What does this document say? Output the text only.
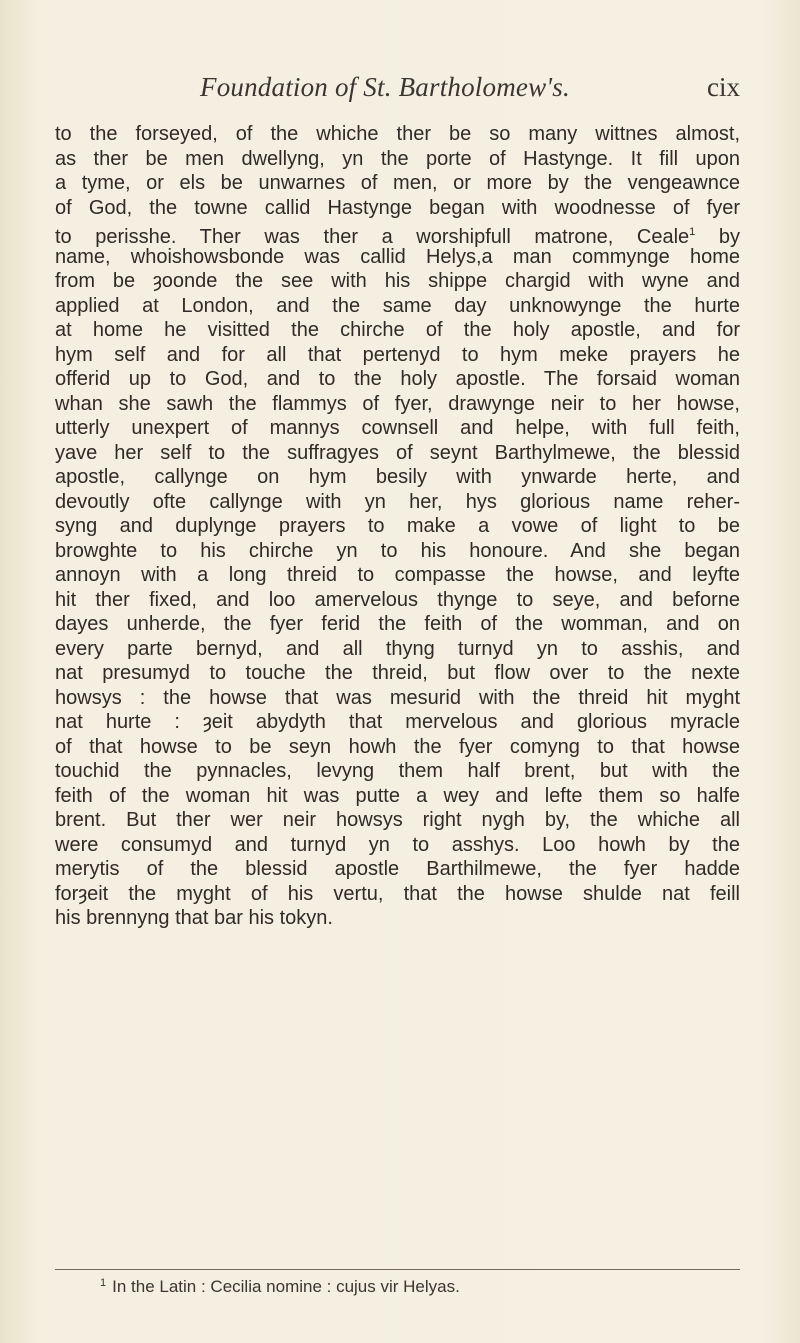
Foundation of St. Bartholomew's.	cix
to the forseyed, of the whiche ther be so many wittnes almost,
as ther be men dwellyng, yn the porte of Hastynge. It fill upon
a tyme, or els be unwarnes of men, or more by the vengeawnce
of God, the towne callid Hastynge began with woodnesse of fyer
to perisshe. Ther was ther a worshipfull matrone, Ceale$^1$ by
name, whoishowsbonde was callid Helys,a man commynge home
from be ȝoonde the see with his shippe chargid with wyne and
applied at London, and the same day unknowynge the hurte
at home he visitted the chirche of the holy apostle, and for
hym self and for all that pertenyd to hym meke prayers he
offerid up to God, and to the holy apostle. The forsaid woman
whan she sawh the flammys of fyer, drawynge neir to her howse,
utterly unexpert of mannys cownsell and helpe, with full feith,
yave her self to the suffragyes of seynt Barthylmewe, the blessid
apostle, callynge on hym besily with ynwarde herte, and
devoutly ofte callynge with yn her, hys glorious name reher-
syng and duplynge prayers to make a vowe of light to be
browghte to his chirche yn to his honoure. And she began
annoyn with a long threid to compasse the howse, and leyfte
hit ther fixed, and loo amervelous thynge to seye, and beforne
dayes unherde, the fyer ferid the feith of the womman, and on
every parte bernyd, and all thyng turnyd yn to asshis, and
nat presumyd to touche the threid, but flow over to the nexte
howsys : the howse that was mesurid with the threid hit myght
nat hurte : ȝeit abydyth that mervelous and glorious myracle
of that howse to be seyn howh the fyer comyng to that howse
touchid the pynnacles, levyng them half brent, but with the
feith of the woman hit was putte a wey and lefte them so halfe
brent. But ther wer neir howsys right nygh by, the whiche all
were consumyd and turnyd yn to asshys. Loo howh by the
merytis of the blessid apostle Barthilmewe, the fyer hadde
forȝeit the myght of his vertu, that the howse shulde nat feill
his brennyng that bar his tokyn.
$^1$ In the Latin : Cecilia nomine : cujus vir Helyas.
